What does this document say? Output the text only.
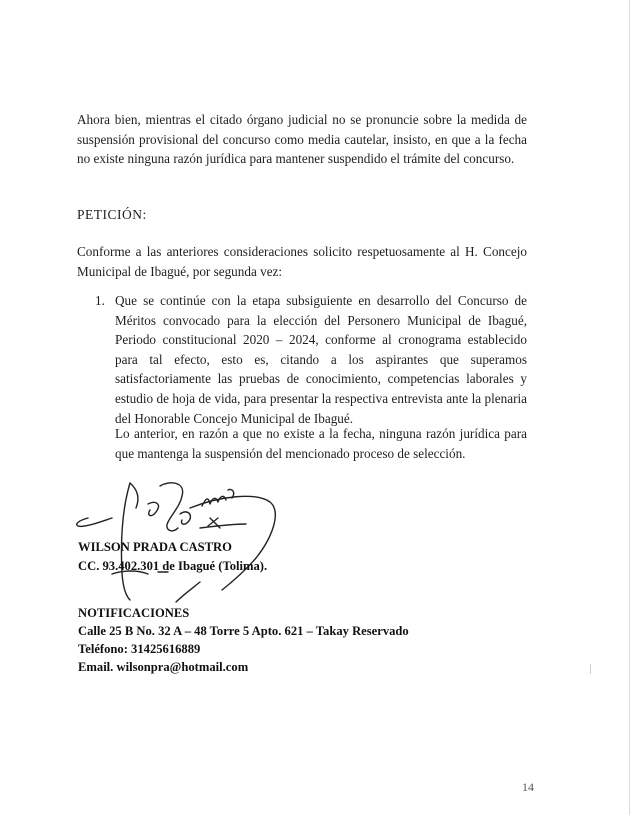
Ahora bien, mientras el citado órgano judicial no se pronuncie sobre la medida de suspensión provisional del concurso como media cautelar, insisto, en que a la fecha no existe ninguna razón jurídica para mantener suspendido el trámite del concurso.
PETICIÓN:
Conforme a las anteriores consideraciones solicito respetuosamente al H. Concejo Municipal de Ibagué, por segunda vez:
1. Que se continúe con la etapa subsiguiente en desarrollo del Concurso de Méritos convocado para la elección del Personero Municipal de Ibagué, Periodo constitucional 2020 – 2024, conforme al cronograma establecido para tal efecto, esto es, citando a los aspirantes que superamos satisfactoriamente las pruebas de conocimiento, competencias laborales y estudio de hoja de vida, para presentar la respectiva entrevista ante la plenaria del Honorable Concejo Municipal de Ibagué.
Lo anterior, en razón a que no existe a la fecha, ninguna razón jurídica para que mantenga la suspensión del mencionado proceso de selección.
WILSON PRADA CASTRO
CC. 93.402.301 de Ibagué (Tolima).
NOTIFICACIONES
Calle 25 B No. 32 A – 48 Torre 5 Apto. 621 – Takay Reservado
Teléfono: 31425616889
Email. wilsonpra@hotmail.com
14
